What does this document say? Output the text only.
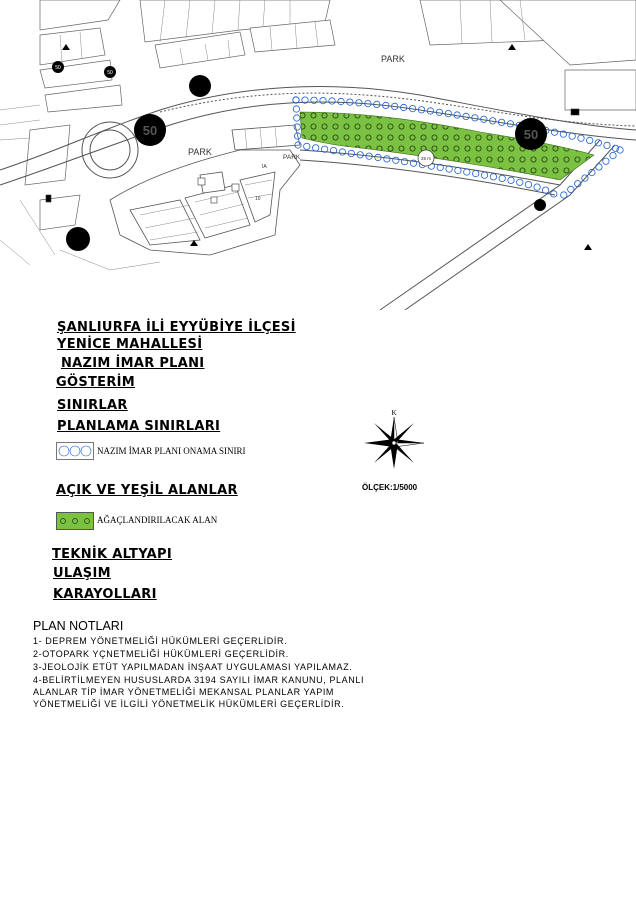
50	50
50
50
10
PARK
PARK
PARK
İA
25 m
ŞANLIURFA İLİ EYYÜBİYE İLÇESİ
YENİCE MAHALLESİ
NAZIM İMAR PLANI
GÖSTERİM
SINIRLAR
PLANLAMA SINIRLARI
NAZIM İMAR PLANI ONAMA SINIRI
AÇIK VE YEŞİL ALANLAR
AĞAÇLANDIRILACAK ALAN
TEKNİK ALTYAPI
ULAŞIM
KARAYOLLARI
K
ÖLÇEK:1/5000
PLAN NOTLARI
1- DEPREM YÖNETMELİĞİ HÜKÜMLERİ GEÇERLİDİR.
2-OTOPARK YÇNETMELİĞİ HÜKÜMLERİ GEÇERLİDİR.
3-JEOLOJİK ETÜT YAPILMADAN İNŞAAT UYGULAMASI YAPILAMAZ.
4-BELİRTİLMEYEN HUSUSLARDA 3194 SAYILI İMAR KANUNU, PLANLI
ALANLAR TİP İMAR YÖNETMELİĞİ MEKANSAL PLANLAR YAPIM
YÖNETMELİĞİ VE İLGİLİ YÖNETMELİK HÜKÜMLERİ GEÇERLİDİR.
